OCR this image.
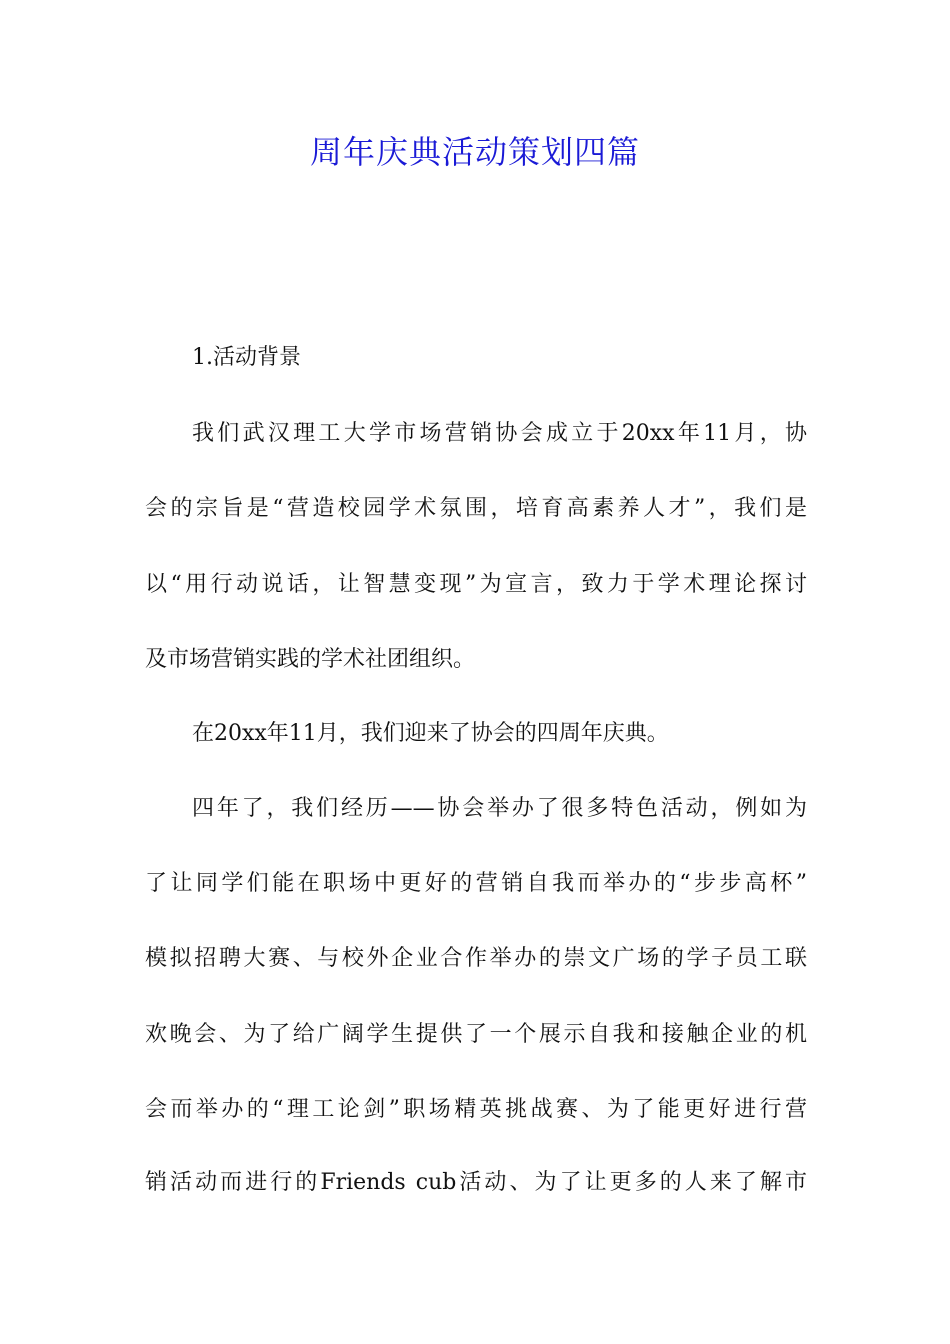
周年庆典活动策划四篇
1.活动背景
我们武汉理工大学市场营销协会成立于20xx年11月，协
会的宗旨是“营造校园学术氛围，培育高素养人才”，我们是
以“用行动说话，让智慧变现”为宣言，致力于学术理论探讨
及市场营销实践的学术社团组织。
在20xx年11月，我们迎来了协会的四周年庆典。
四年了，我们经历——协会举办了很多特色活动，例如为
了让同学们能在职场中更好的营销自我而举办的“步步高杯”
模拟招聘大赛、与校外企业合作举办的崇文广场的学子员工联
欢晚会、为了给广阔学生提供了一个展示自我和接触企业的机
会而举办的“理工论剑”职场精英挑战赛、为了能更好进行营
销活动而进行的Friends cub活动、为了让更多的人来了解市
